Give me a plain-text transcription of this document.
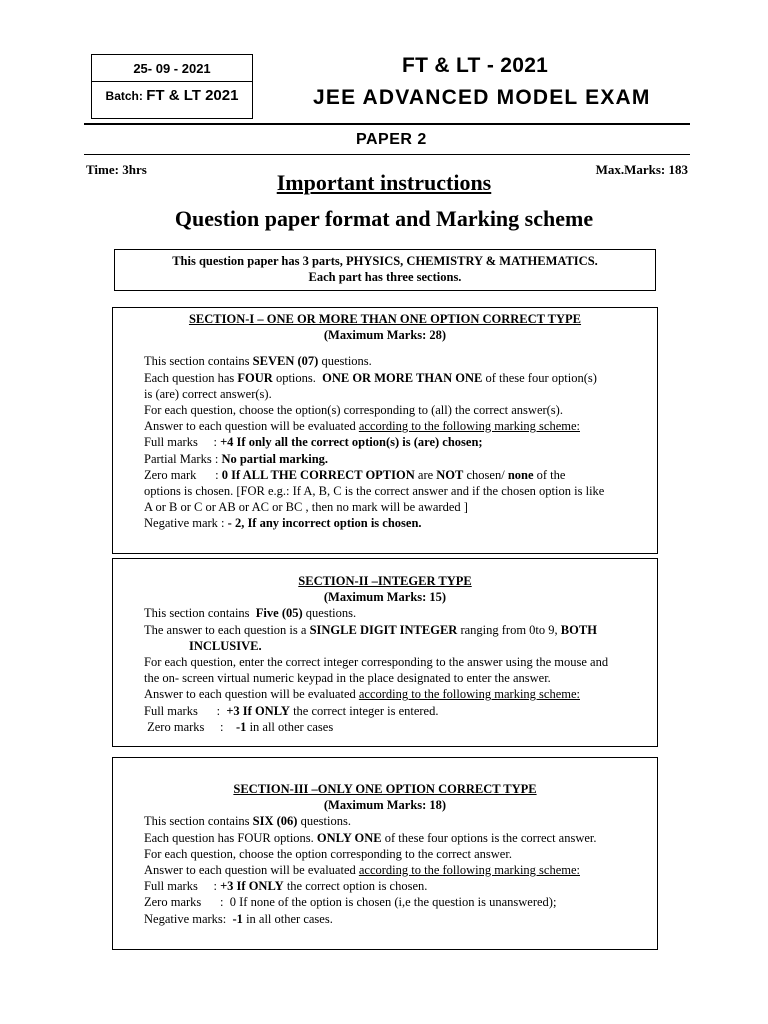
25- 09 - 2021
Batch: FT & LT 2021
FT & LT - 2021
JEE ADVANCED MODEL EXAM
PAPER 2
Time: 3hrs	Max.Marks: 183
Important instructions
Question paper format and Marking scheme
This question paper has 3 parts, PHYSICS, CHEMISTRY & MATHEMATICS.
Each part has three sections.
SECTION-I – ONE OR MORE THAN ONE OPTION CORRECT TYPE
(Maximum Marks: 28)

This section contains SEVEN (07) questions.

Each question has FOUR options.  ONE OR MORE THAN ONE of these four option(s)

is (are) correct answer(s).

For each question, choose the option(s) corresponding to (all) the correct answer(s).

Answer to each question will be evaluated according to the following marking scheme:

Full marks     : +4 If only all the correct option(s) is (are) chosen;

Partial Marks : No partial marking.

Zero mark      : 0 If ALL THE CORRECT OPTION are NOT chosen/ none of the

options is chosen. [FOR e.g.: If A, B, C is the correct answer and if the chosen option is like

A or B or C or AB or AC or BC , then no mark will be awarded ]

Negative mark : - 2, If any incorrect option is chosen.

SECTION-II –INTEGER TYPE
(Maximum Marks: 15)

This section contains  Five (05) questions.

The answer to each question is a SINGLE DIGIT INTEGER ranging from 0to 9, BOTH

INCLUSIVE.

For each question, enter the correct integer corresponding to the answer using the mouse and

the on- screen virtual numeric keypad in the place designated to enter the answer.

Answer to each question will be evaluated according to the following marking scheme:

Full marks      :  +3 If ONLY the correct integer is entered.

Zero marks     :    -1 in all other cases

SECTION-III –ONLY ONE OPTION CORRECT TYPE
(Maximum Marks: 18)

This section contains SIX (06) questions.

Each question has FOUR options. ONLY ONE of these four options is the correct answer.

For each question, choose the option corresponding to the correct answer.

Answer to each question will be evaluated according to the following marking scheme:

Full marks     : +3 If ONLY the correct option is chosen.

Zero marks      :  0 If none of the option is chosen (i,e the question is unanswered);

Negative marks:  -1 in all other cases.
